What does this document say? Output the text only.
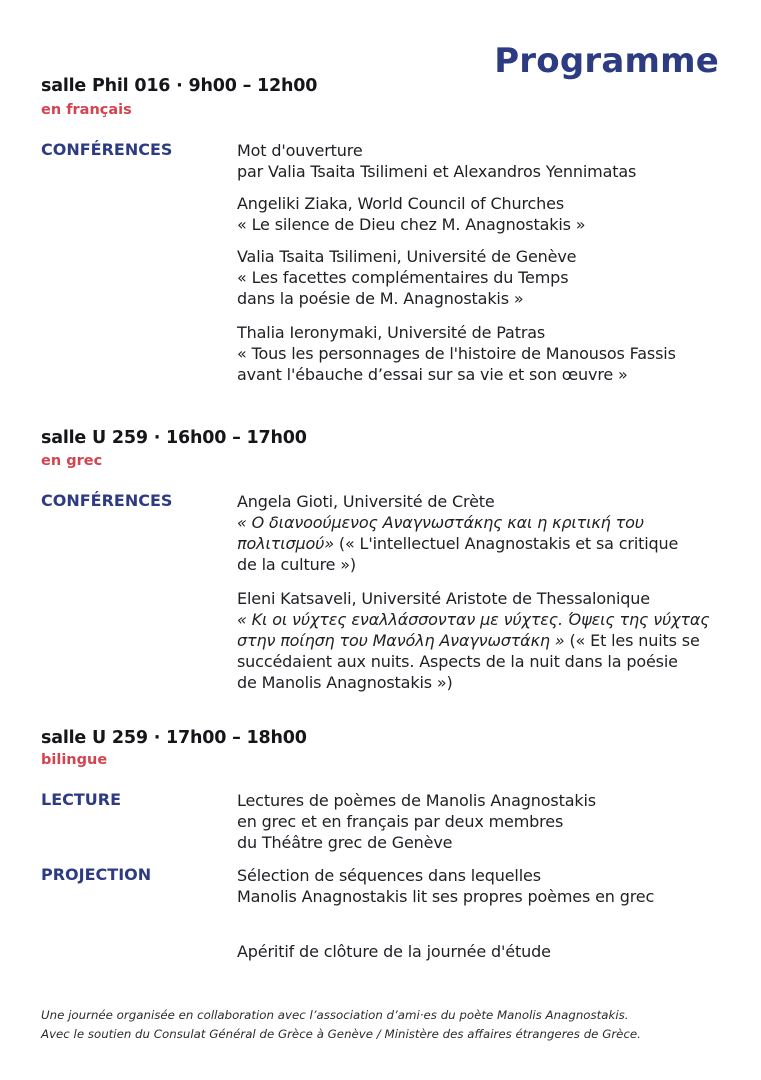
Programme
salle Phil 016 · 9h00 – 12h00
en français
CONFÉRENCES	Mot d'ouverture

par Valia Tsaita Tsilimeni et Alexandros Yennimatas

Angeliki Ziaka, World Council of Churches

« Le silence de Dieu chez M. Anagnostakis »

Valia Tsaita Tsilimeni, Université de Genève

« Les facettes complémentaires du Temps

dans la poésie de M. Anagnostakis »

Thalia Ieronymaki, Université de Patras

« Tous les personnages de l'histoire de Manousos Fassis

avant l'ébauche d’essai sur sa vie et son œuvre »

salle U 259 · 16h00 – 17h00
en grec
CONFÉRENCES	Angela Gioti, Université de Crète

« Ο διανοούμενος Αναγνωστάκης και η κριτική του

πολιτισμού» (« L'intellectuel Anagnostakis et sa critique

de la culture »)

Eleni Katsaveli, Université Aristote de Thessalonique

« Κι οι νύχτες εναλλάσσονταν με νύχτες. Όψεις της νύχτας

στην ποίηση του Μανόλη Αναγνωστάκη » (« Et les nuits se

succédaient aux nuits. Aspects de la nuit dans la poésie

de Manolis Anagnostakis »)

salle U 259 · 17h00 – 18h00
bilingue
LECTURE	Lectures de poèmes de Manolis Anagnostakis

en grec et en français par deux membres

du Théâtre grec de Genève

PROJECTION	Sélection de séquences dans lequelles

Manolis Anagnostakis lit ses propres poèmes en grec

Apéritif de clôture de la journée d'étude

Une journée organisée en collaboration avec l’association d’ami·es du poète Manolis Anagnostakis.

Avec le soutien du Consulat Général de Grèce à Genève / Ministère des affaires étrangeres de Grèce.
